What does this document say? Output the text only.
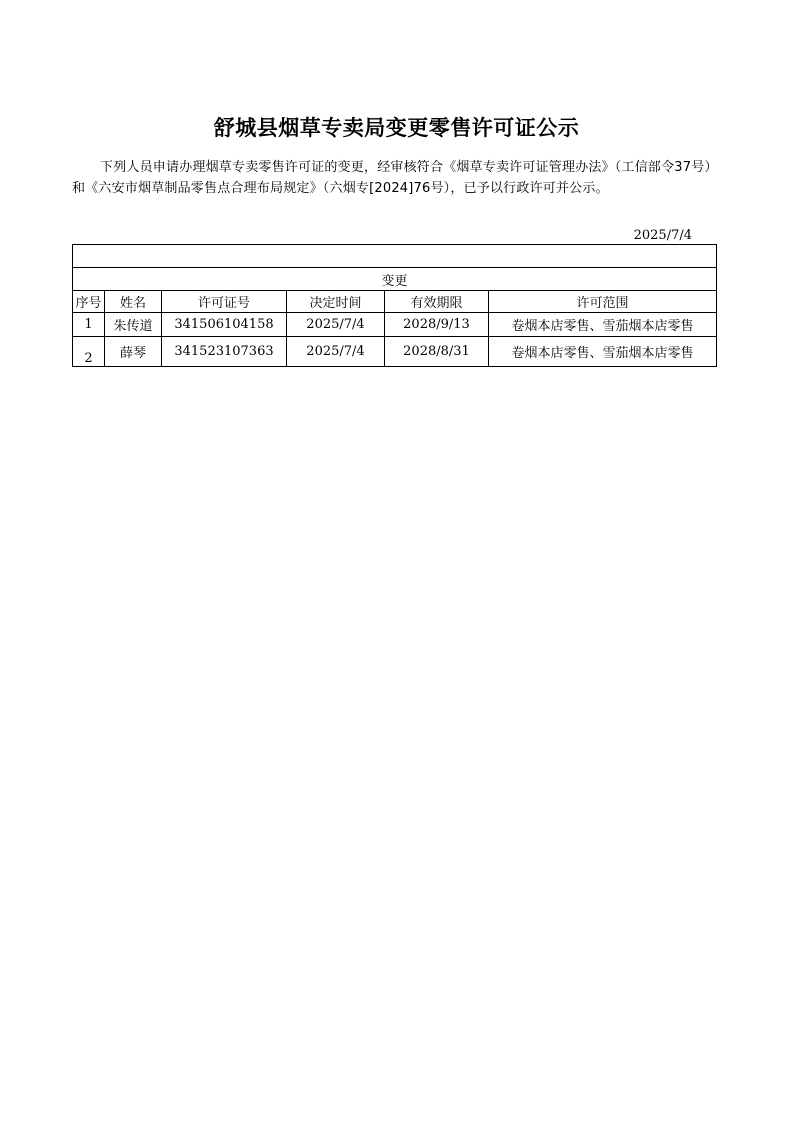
舒城县烟草专卖局变更零售许可证公示
下列人员申请办理烟草专卖零售许可证的变更，经审核符合《烟草专卖许可证管理办法》（工信部令37号）和《六安市烟草制品零售点合理布局规定》（六烟专[2024]76号），已予以行政许可并公示。
2025/7/4

变更					
序号	姓名	许可证号	决定时间	有效期限	许可范围
1	朱传道	341506104158	2025/7/4	2028/9/13	卷烟本店零售、雪茄烟本店零售
2	薛琴	341523107363	2025/7/4	2028/8/31	卷烟本店零售、雪茄烟本店零售
